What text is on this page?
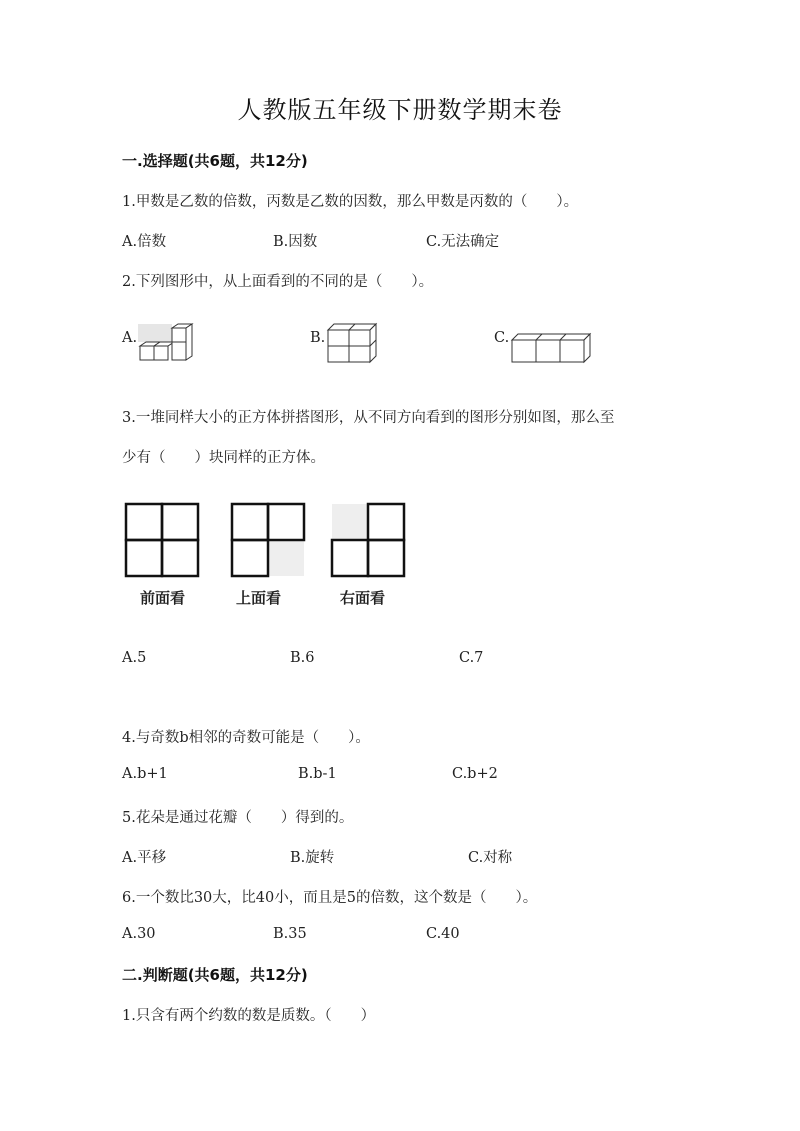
人教版五年级下册数学期末卷
一.选择题(共6题，共12分)
1.甲数是乙数的倍数，丙数是乙数的因数，那么甲数是丙数的（　　）。
A.倍数	B.因数	C.无法确定
2.下列图形中，从上面看到的不同的是（　　）。
A.	B.	C.
3.一堆同样大小的正方体拼搭图形，从不同方向看到的图形分别如图，那么至
少有（　　）块同样的正方体。
前面看	上面看	右面看
A.5	B.6	C.7
4.与奇数b相邻的奇数可能是（　　）。
A.b+1	B.b-1	C.b+2
5.花朵是通过花瓣（　　）得到的。
A.平移	B.旋转	C.对称
6.一个数比30大，比40小，而且是5的倍数，这个数是（　　）。
A.30	B.35	C.40
二.判断题(共6题，共12分)
1.只含有两个约数的数是质数。（　　）
